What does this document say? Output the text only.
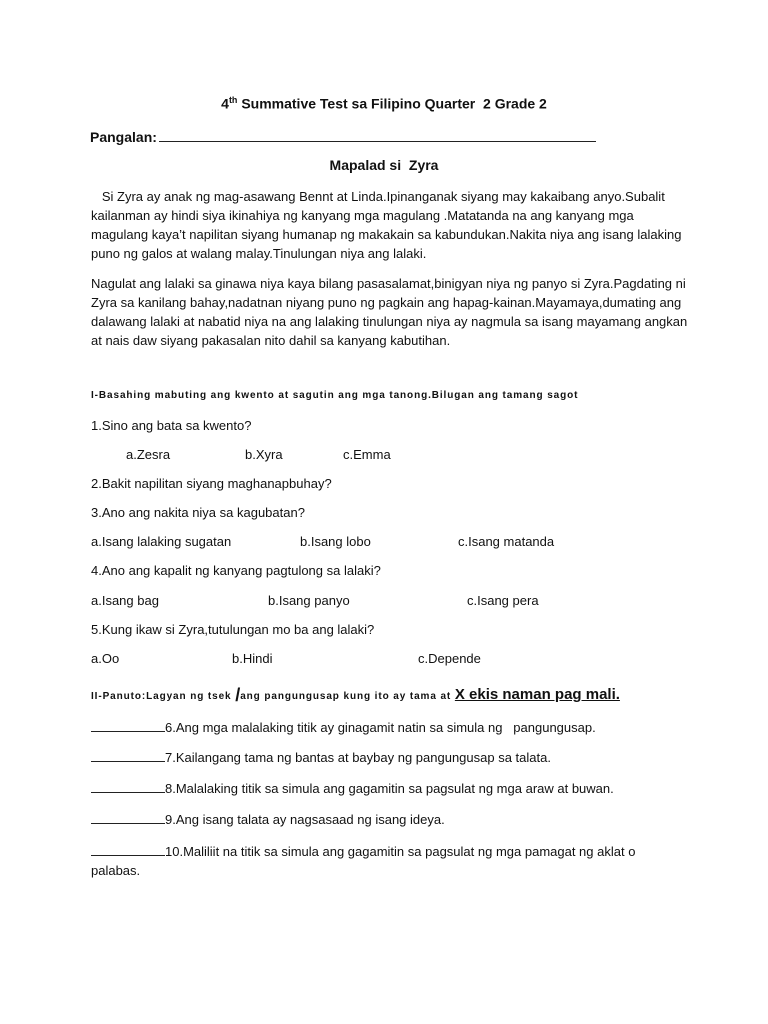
4th Summative Test sa Filipino Quarter  2 Grade 2
Pangalan:
Mapalad si  Zyra
Si Zyra ay anak ng mag-asawang Bennt at Linda.Ipinanganak siyang may kakaibang anyo.Subalit kailanman ay hindi siya ikinahiya ng kanyang mga magulang .Matatanda na ang kanyang mga magulang kaya’t napilitan siyang humanap ng makakain sa kabundukan.Nakita niya ang isang lalaking puno ng galos at walang malay.Tinulungan niya ang lalaki.
Nagulat ang lalaki sa ginawa niya kaya bilang pasasalamat,binigyan niya ng panyo si Zyra.Pagdating ni Zyra sa kanilang bahay,nadatnan niyang puno ng pagkain ang hapag-kainan.Mayamaya,dumating ang dalawang lalaki at nabatid niya na ang lalaking tinulungan niya ay nagmula sa isang mayamang angkan at nais daw siyang pakasalan nito dahil sa kanyang kabutihan.
I-Basahing mabuting ang kwento at sagutin ang mga tanong.Bilugan ang tamang sagot
1.Sino ang bata sa kwento?
a.Zesra	b.Xyra	c.Emma
2.Bakit napilitan siyang maghanapbuhay?
3.Ano ang nakita niya sa kagubatan?
a.Isang lalaking sugatan	b.Isang lobo	c.Isang matanda
4.Ano ang kapalit ng kanyang pagtulong sa lalaki?
a.Isang bag	b.Isang panyo	c.Isang pera
5.Kung ikaw si Zyra,tutulungan mo ba ang lalaki?
a.Oo	b.Hindi	c.Depende
II-Panuto:Lagyan ng tsek /ang pangungusap kung ito ay tama at X ekis naman pag mali.
6.Ang mga malalaking titik ay ginagamit natin sa simula ng   pangungusap.
7.Kailangang tama ng bantas at baybay ng pangungusap sa talata.
8.Malalaking titik sa simula ang gagamitin sa pagsulat ng mga araw at buwan.
9.Ang isang talata ay nagsasaad ng isang ideya.
10.Maliliit na titik sa simula ang gagamitin sa pagsulat ng mga pamagat ng aklat o
palabas.
